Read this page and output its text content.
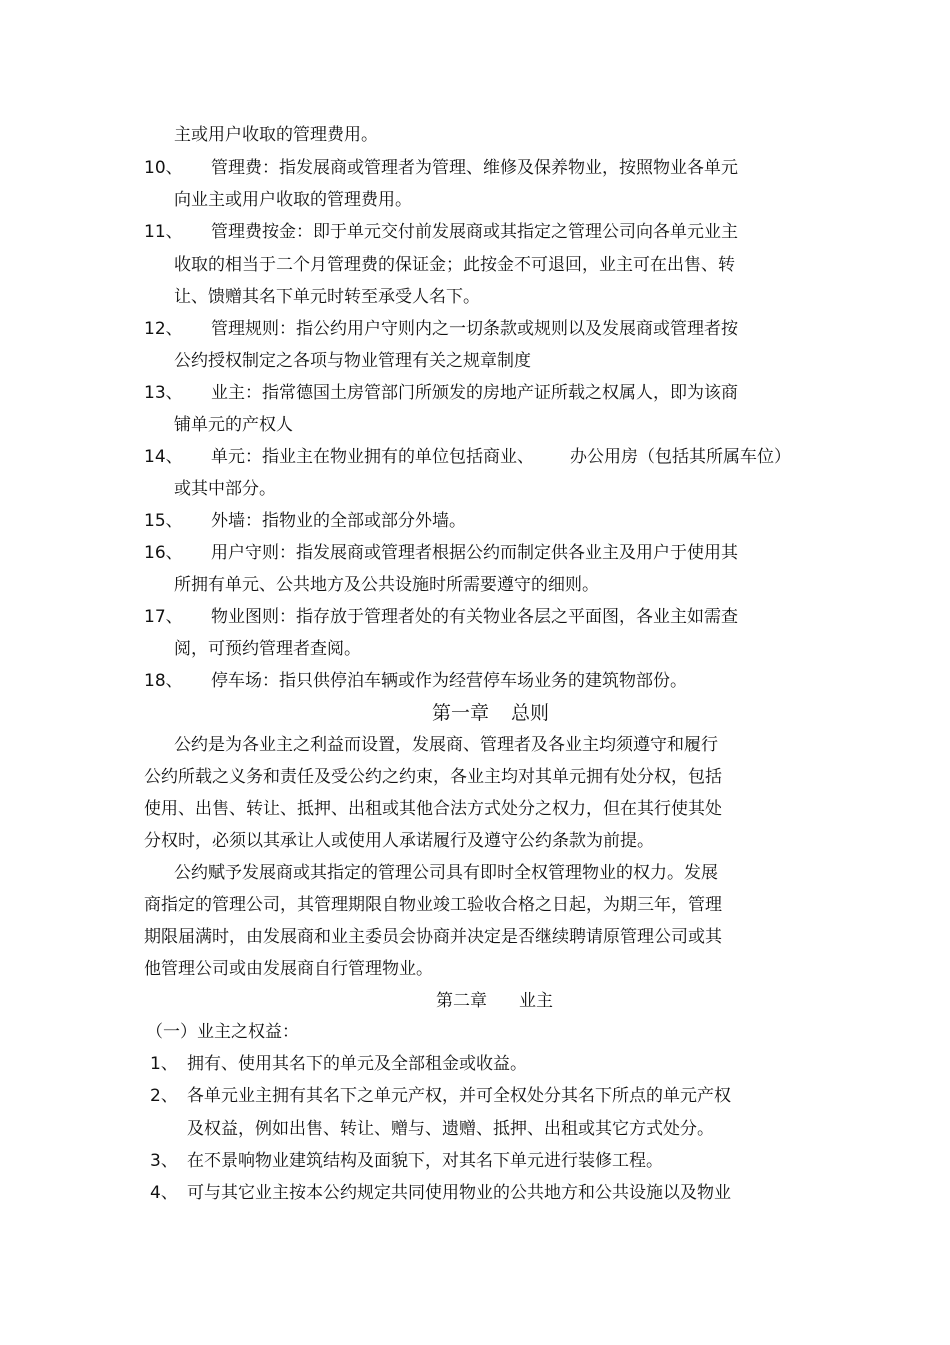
主或用户收取的管理费用。
10、 管理费：指发展商或管理者为管理、维修及保养物业，按照物业各单元
向业主或用户收取的管理费用。
11、 管理费按金：即于单元交付前发展商或其指定之管理公司向各单元业主
收取的相当于二个月管理费的保证金；此按金不可退回，业主可在出售、转
让、馈赠其名下单元时转至承受人名下。
12、 管理规则：指公约用户守则内之一切条款或规则以及发展商或管理者按
公约授权制定之各项与物业管理有关之规章制度
13、 业主：指常德国土房管部门所颁发的房地产证所载之权属人，即为该商
铺单元的产权人
14、 单元：指业主在物业拥有的单位包括商业、 办公用房（包括其所属车位）
或其中部分。
15、 外墙：指物业的全部或部分外墙。
16、 用户守则：指发展商或管理者根据公约而制定供各业主及用户于使用其
所拥有单元、公共地方及公共设施时所需要遵守的细则。
17、 物业图则：指存放于管理者处的有关物业各层之平面图，各业主如需查
阅，可预约管理者查阅。
18、 停车场：指只供停泊车辆或作为经营停车场业务的建筑物部份。
第一章 总则
公约是为各业主之利益而设置，发展商、管理者及各业主均须遵守和履行
公约所载之义务和责任及受公约之约束，各业主均对其单元拥有处分权，包括
使用、出售、转让、抵押、出租或其他合法方式处分之权力，但在其行使其处
分权时，必须以其承让人或使用人承诺履行及遵守公约条款为前提。
公约赋予发展商或其指定的管理公司具有即时全权管理物业的权力。发展
商指定的管理公司，其管理期限自物业竣工验收合格之日起，为期三年，管理
期限届满时，由发展商和业主委员会协商并决定是否继续聘请原管理公司或其
他管理公司或由发展商自行管理物业。
第二章 业主
（一）业主之权益：
1、 拥有、使用其名下的单元及全部租金或收益。
2、 各单元业主拥有其名下之单元产权，并可全权处分其名下所点的单元产权
及权益，例如出售、转让、赠与、遗赠、抵押、出租或其它方式处分。
3、 在不景响物业建筑结构及面貌下，对其名下单元进行装修工程。
4、 可与其它业主按本公约规定共同使用物业的公共地方和公共设施以及物业
